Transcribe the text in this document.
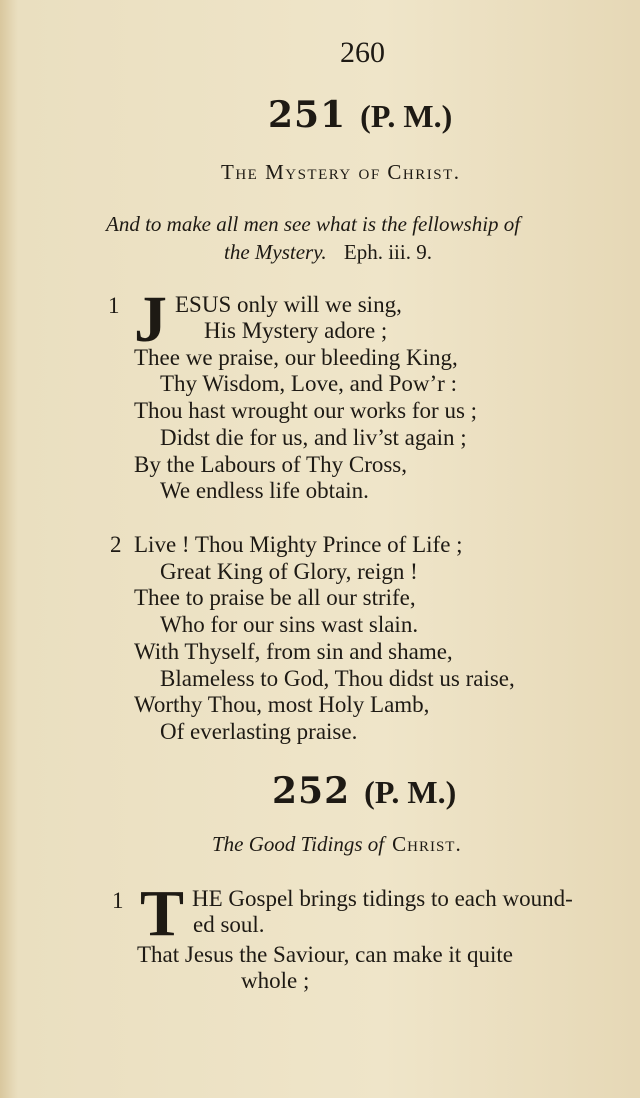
260
251 (P. M.)
The Mystery of Christ.
And to make all men see what is the fellowship of
the Mystery. Eph. iii. 9.
1 J ESUS only will we sing,
His Mystery adore ;
Thee we praise, our bleeding King,
Thy Wisdom, Love, and Pow’r :
Thou hast wrought our works for us ;
Didst die for us, and liv’st again ;
By the Labours of Thy Cross,
We endless life obtain.
2 Live ! Thou Mighty Prince of Life ;
Great King of Glory, reign !
Thee to praise be all our strife,
Who for our sins wast slain.
With Thyself, from sin and shame,
Blameless to God, Thou didst us raise,
Worthy Thou, most Holy Lamb,
Of everlasting praise.
252 (P. M.)
The Good Tidings of Christ.
1 T HE Gospel brings tidings to each wound-
ed soul.
That Jesus the Saviour, can make it quite
whole ;
